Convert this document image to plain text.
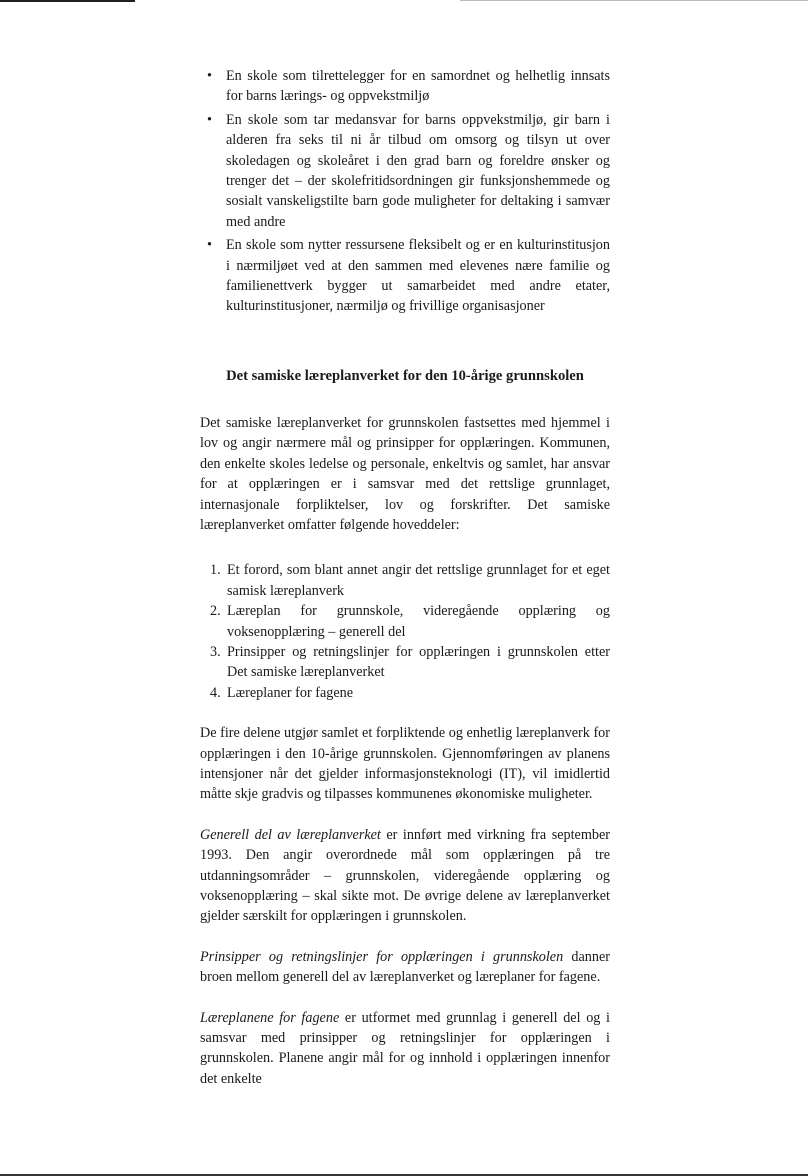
• En skole som tilrettelegger for en samordnet og helhetlig innsats for barns lærings- og oppvekstmiljø
• En skole som tar medansvar for barns oppvekstmiljø, gir barn i alderen fra seks til ni år tilbud om omsorg og tilsyn ut over skoledagen og skoleåret i den grad barn og foreldre ønsker og trenger det – der skolefritidsordningen gir funksjonshemmede og sosialt vanskeligstilte barn gode muligheter for deltaking i samvær med andre
• En skole som nytter ressursene fleksibelt og er en kulturinstitusjon i nærmiljøet ved at den sammen med elevenes nære familie og familienettverk bygger ut samarbeidet med andre etater, kulturinstitusjoner, nærmiljø og frivillige organisasjoner
Det samiske læreplanverket for den 10-årige grunnskolen

Det samiske læreplanverket for grunnskolen fastsettes med hjemmel i lov og angir nærmere mål og prinsipper for opplæringen. Kommunen, den enkelte skoles ledelse og personale, enkeltvis og samlet, har ansvar for at opplæringen er i samsvar med det rettslige grunnlaget, internasjonale forpliktelser, lov og forskrifter. Det samiske læreplanverket omfatter følgende hoveddeler:

1. Et forord, som blant annet angir det rettslige grunnlaget for et eget samisk læreplanverk
2. Læreplan for grunnskole, videregående opplæring og voksenopplæring – generell del
3. Prinsipper og retningslinjer for opplæringen i grunnskolen etter Det samiske læreplanverket
4. Læreplaner for fagene

De fire delene utgjør samlet et forpliktende og enhetlig læreplanverk for opplæringen i den 10-årige grunnskolen. Gjennomføringen av planens intensjoner når det gjelder informasjonsteknologi (IT), vil imidlertid måtte skje gradvis og tilpasses kommunenes økonomiske muligheter.

Generell del av læreplanverket er innført med virkning fra september 1993. Den angir overordnede mål som opplæringen på tre utdanningsområder – grunnskolen, videregående opplæring og voksenopplæring – skal sikte mot. De øvrige delene av læreplanverket gjelder særskilt for opplæringen i grunnskolen.

Prinsipper og retningslinjer for opplæringen i grunnskolen danner broen mellom generell del av læreplanverket og læreplaner for fagene.

Læreplanene for fagene er utformet med grunnlag i generell del og i samsvar med prinsipper og retningslinjer for opplæringen i grunnskolen. Planene angir mål for og innhold i opplæringen innenfor det enkelte
